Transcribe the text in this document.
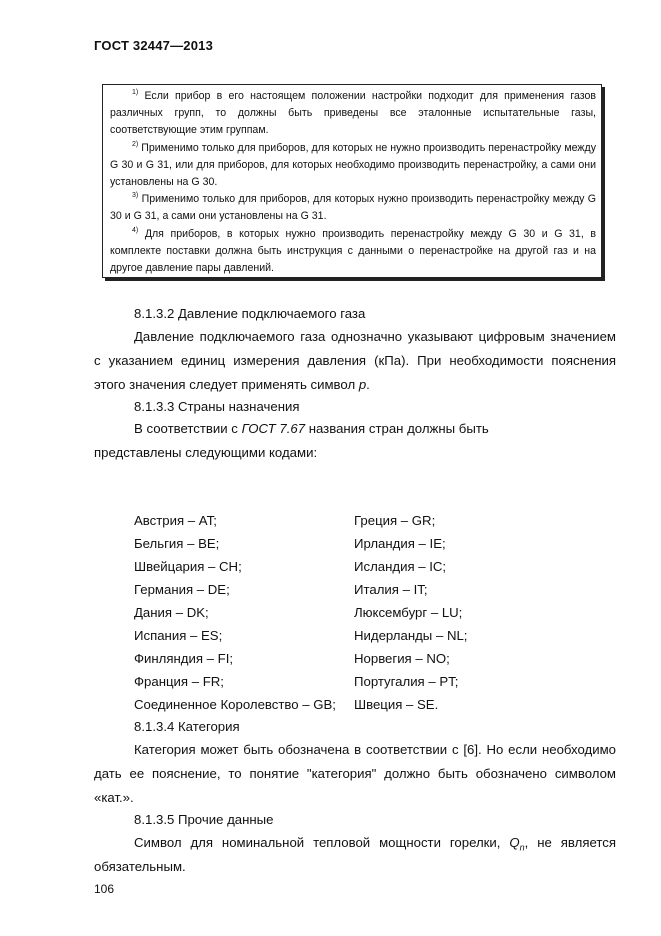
ГОСТ 32447—2013

$^{1)}$ Если прибор в его настоящем положении настройки подходит для применения газов различных групп, то должны быть приведены все эталонные испытательные газы, соответствующие этим группам.

$^{2)}$ Применимо только для приборов, для которых не нужно производить перенастройку между G 30 и G 31, или для приборов, для которых необходимо производить перенастройку, а сами они установлены на G 30.

$^{3)}$ Применимо только для приборов, для которых нужно производить перенастройку между G 30 и G 31, а сами они установлены на G 31.

$^{4)}$ Для приборов, в которых нужно производить перенастройку между G 30 и G 31, в комплекте поставки должна быть инструкция с данными о перенастройке на другой газ и на другое давление пары давлений.

8.1.3.2 Давление подключаемого газа
Давление подключаемого газа однозначно указывают цифровым значением
с указанием единиц измерения давления (кПа). При необходимости пояснения
этого значения следует применять символ p.
8.1.3.3 Страны назначения
В соответствии с ГОСТ 7.67 названия стран должны быть
представлены следующими кодами:
Австрия – AT;
Бельгия – BE;
Швейцария – CH;
Германия – DE;
Дания – DK;
Испания – ES;
Финляндия – FI;
Франция – FR;
Соединенное Королевство – GB;
Греция – GR;
Ирландия – IE;
Исландия – IC;
Италия – IT;
Люксембург – LU;
Нидерланды – NL;
Норвегия – NO;
Португалия – PT;
Швеция – SE.
8.1.3.4 Категория
Категория может быть обозначена в соответствии с [6]. Но если необходимо
дать ее пояснение, то понятие "категория" должно быть обозначено символом
«кат.».
8.1.3.5 Прочие данные
Символ для номинальной тепловой мощности горелки, $Q_n$, не является
обязательным.
106
